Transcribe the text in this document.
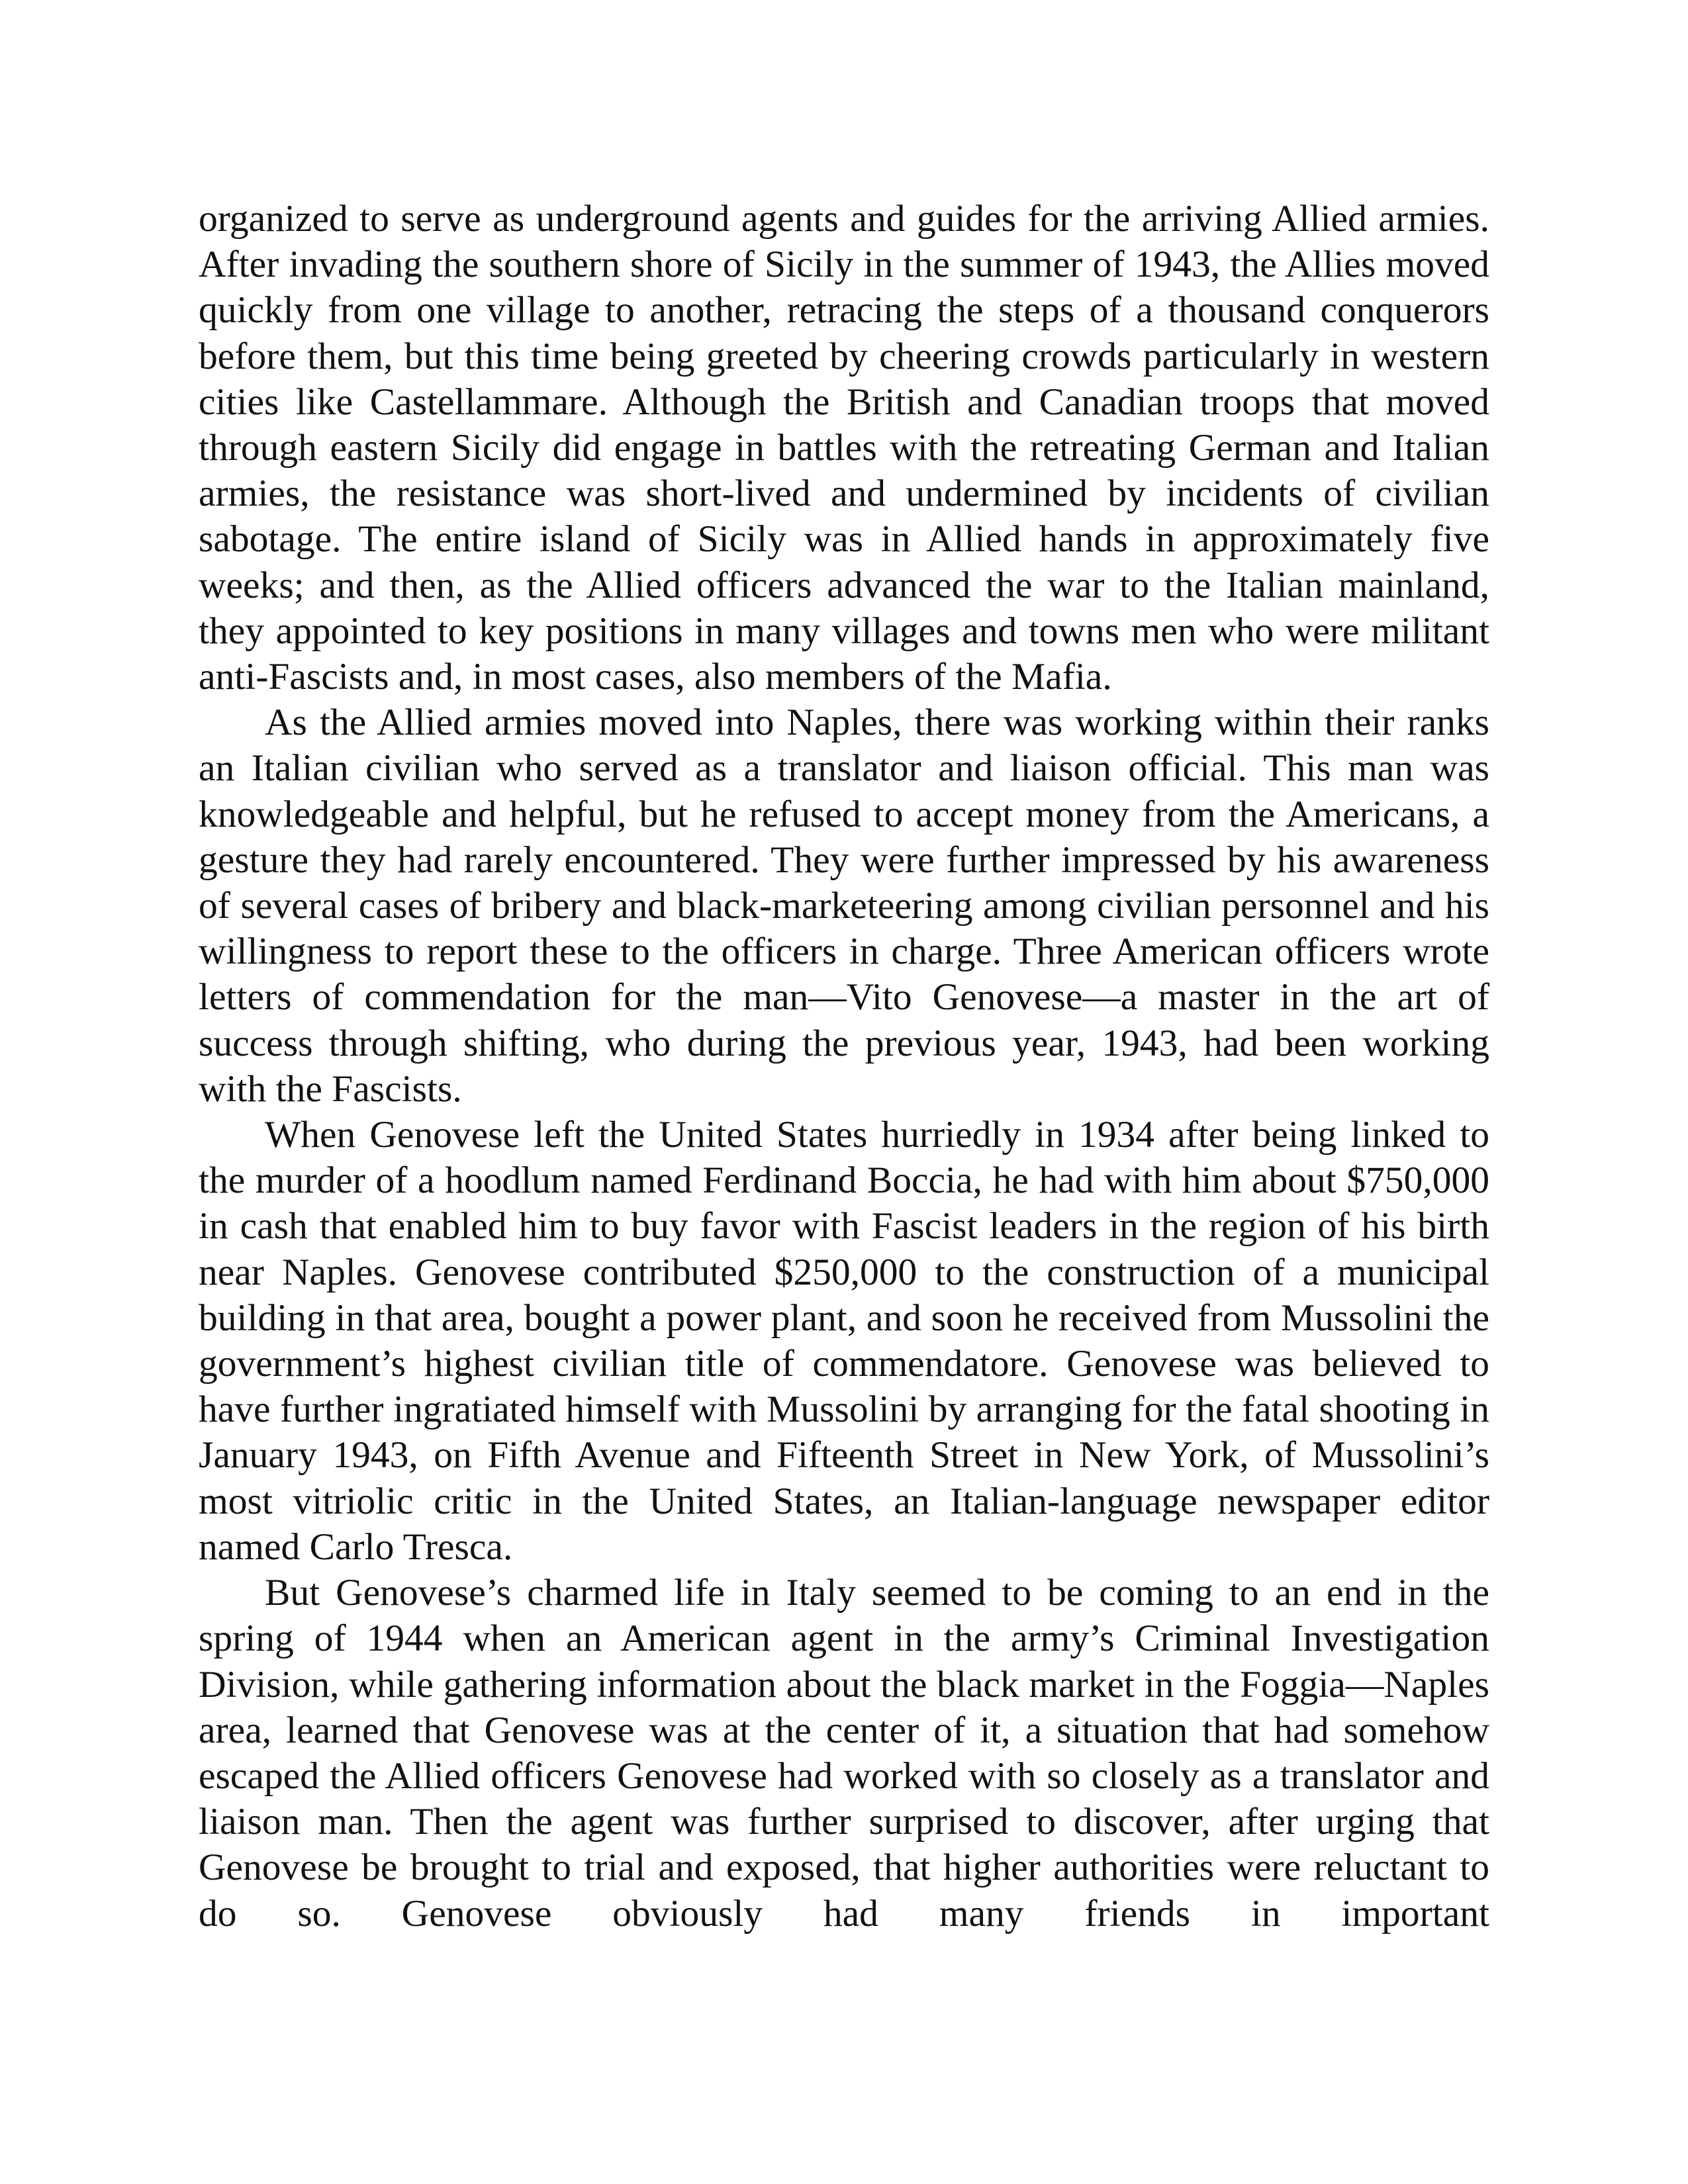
organized to serve as underground agents and guides for the arriving Allied armies. After invading the southern shore of Sicily in the summer of 1943, the Allies moved quickly from one village to another, retracing the steps of a thousand conquerors before them, but this time being greeted by cheering crowds particularly in western cities like Castellammare. Although the British and Canadian troops that moved through eastern Sicily did engage in battles with the retreating German and Italian armies, the resistance was short-lived and undermined by incidents of civilian sabotage. The entire island of Sicily was in Allied hands in approximately five weeks; and then, as the Allied officers advanced the war to the Italian mainland, they appointed to key positions in many villages and towns men who were militant anti-Fascists and, in most cases, also members of the Mafia.

As the Allied armies moved into Naples, there was working within their ranks an Italian civilian who served as a translator and liaison official. This man was knowledgeable and helpful, but he refused to accept money from the Americans, a gesture they had rarely encountered. They were further impressed by his awareness of several cases of bribery and black-marketeering among civilian personnel and his willingness to report these to the officers in charge. Three American officers wrote letters of commendation for the man—Vito Genovese—a master in the art of success through shifting, who during the previous year, 1943, had been working with the Fascists.

When Genovese left the United States hurriedly in 1934 after being linked to the murder of a hoodlum named Ferdinand Boccia, he had with him about $750,000 in cash that enabled him to buy favor with Fascist leaders in the region of his birth near Naples. Genovese contributed $250,000 to the construction of a municipal building in that area, bought a power plant, and soon he received from Mussolini the government’s highest civilian title of commendatore. Genovese was believed to have further ingratiated himself with Mussolini by arranging for the fatal shooting in January 1943, on Fifth Avenue and Fifteenth Street in New York, of Mussolini’s most vitriolic critic in the United States, an Italian-language newspaper editor named Carlo Tresca.

But Genovese’s charmed life in Italy seemed to be coming to an end in the spring of 1944 when an American agent in the army’s Criminal Investigation Division, while gathering information about the black market in the Foggia—Naples area, learned that Genovese was at the center of it, a situation that had somehow escaped the Allied officers Genovese had worked with so closely as a translator and liaison man. Then the agent was further surprised to discover, after urging that Genovese be brought to trial and exposed, that higher authorities were reluctant to do so. Genovese obviously had many friends in important
